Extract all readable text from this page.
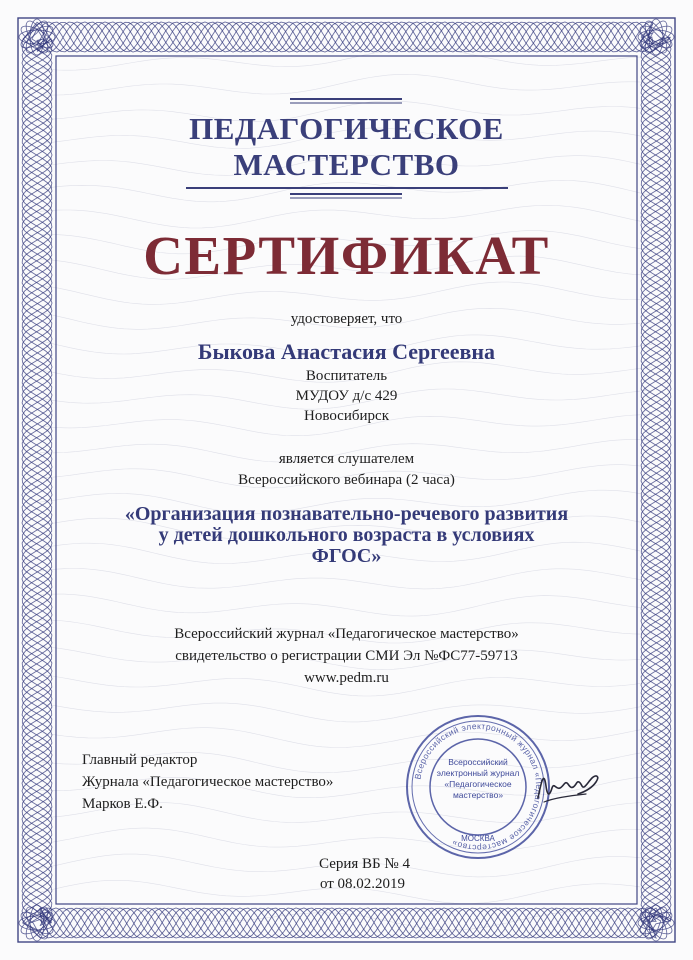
ПЕДАГОГИЧЕСКОЕ
МАСТЕРСТВО
СЕРТИФИКАТ
удостоверяет, что
Быкова Анастасия Сергеевна
Воспитатель
МУДОУ д/с 429
Новосибирск
является слушателем
Всероссийского вебинара (2 часа)
«Организация познавательно-речевого развития
у детей дошкольного возраста в условиях
ФГОС»
Всероссийский журнал «Педагогическое мастерство»
свидетельство о регистрации СМИ Эл №ФС77-59713
www.pedm.ru
Главный редактор
Журнала «Педагогическое мастерство»
Марков Е.Ф.
Всероссийский электронный журнал «Педагогическое мастерство»
Всероссийский
электронный журнал
«Педагогическое
мастерство»
МОСКВА
Серия ВБ № 4
от 08.02.2019
